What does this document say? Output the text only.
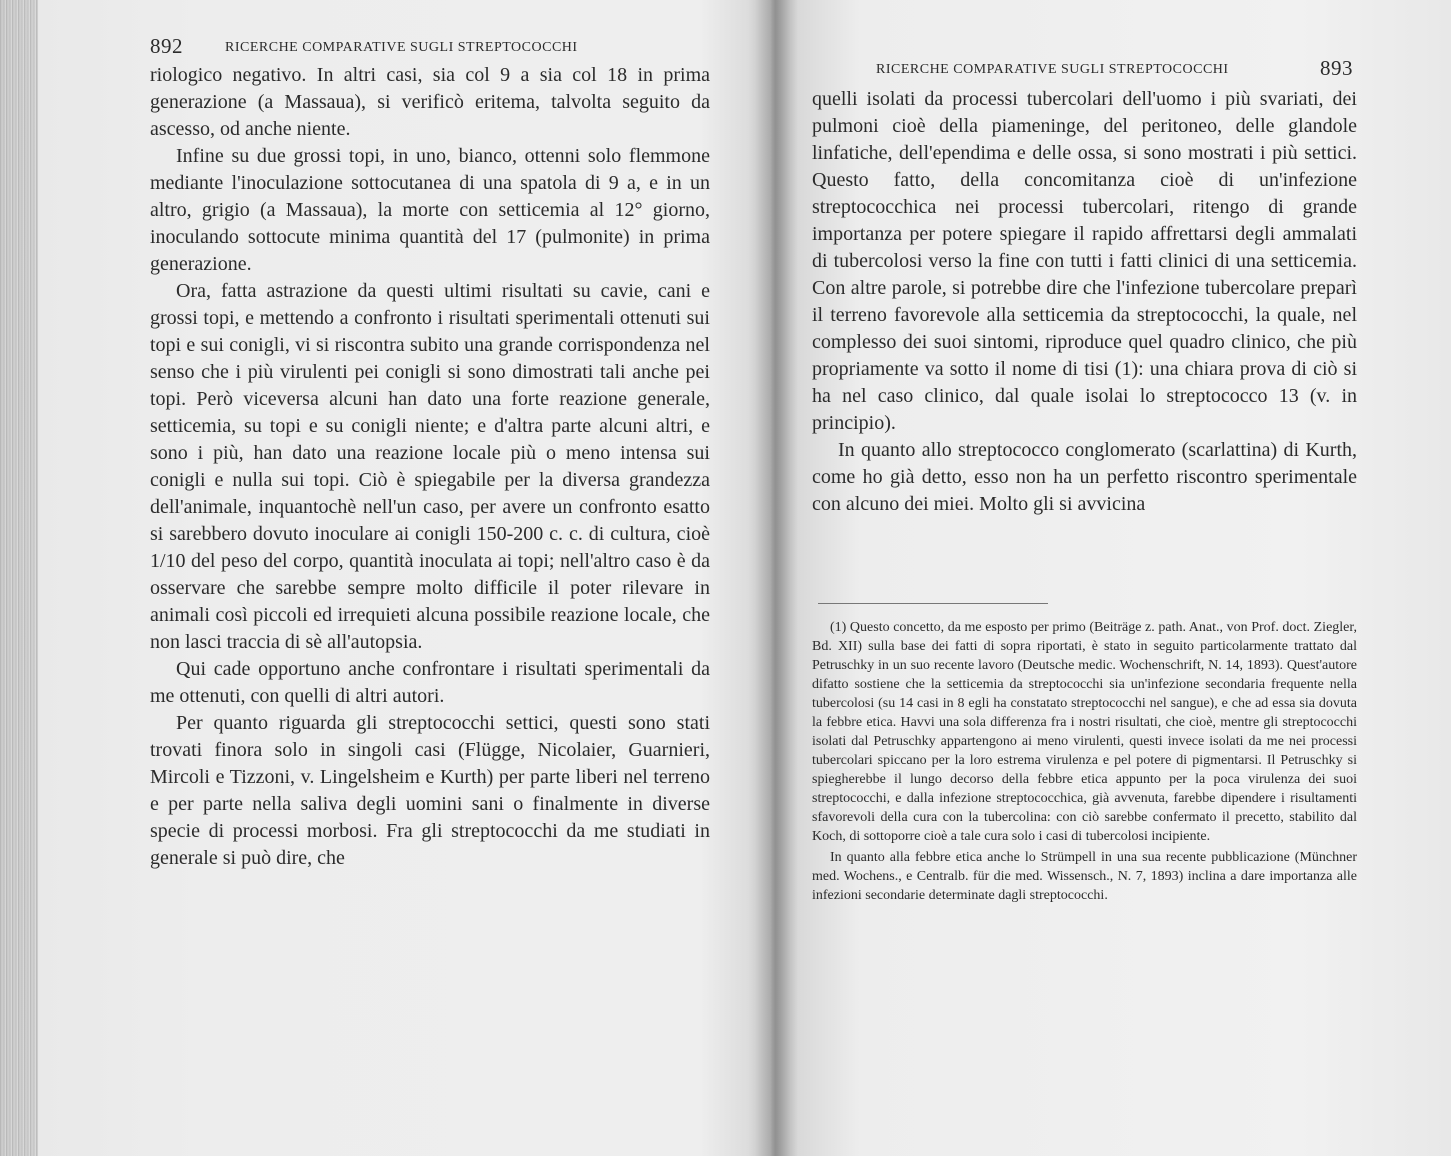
892	RICERCHE COMPARATIVE SUGLI STREPTOCOCCHI

riologico negativo. In altri casi, sia col 9 a sia col 18 in prima generazione (a Massaua), si verificò eritema, talvolta seguito da ascesso, od anche niente.

Infine su due grossi topi, in uno, bianco, ottenni solo flemmone mediante l'inoculazione sottocutanea di una spatola di 9 a, e in un altro, grigio (a Massaua), la morte con setticemia al 12° giorno, inoculando sottocute minima quantità del 17 (pulmonite) in prima generazione.

Ora, fatta astrazione da questi ultimi risultati su cavie, cani e grossi topi, e mettendo a confronto i risultati sperimentali ottenuti sui topi e sui conigli, vi si riscontra subito una grande corrispondenza nel senso che i più virulenti pei conigli si sono dimostrati tali anche pei topi. Però viceversa alcuni han dato una forte reazione generale, setticemia, su topi e su conigli niente; e d'altra parte alcuni altri, e sono i più, han dato una reazione locale più o meno intensa sui conigli e nulla sui topi. Ciò è spiegabile per la diversa grandezza dell'animale, inquantochè nell'un caso, per avere un confronto esatto si sarebbero dovuto inoculare ai conigli 150-200 c. c. di cultura, cioè 1/10 del peso del corpo, quantità inoculata ai topi; nell'altro caso è da osservare che sarebbe sempre molto difficile il poter rilevare in animali così piccoli ed irrequieti alcuna possibile reazione locale, che non lasci traccia di sè all'autopsia.

Qui cade opportuno anche confrontare i risultati sperimentali da me ottenuti, con quelli di altri autori.

Per quanto riguarda gli streptococchi settici, questi sono stati trovati finora solo in singoli casi (Flügge, Nicolaier, Guarnieri, Mircoli e Tizzoni, v. Lingelsheim e Kurth) per parte liberi nel terreno e per parte nella saliva degli uomini sani o finalmente in diverse specie di processi morbosi. Fra gli streptococchi da me studiati in generale si può dire, che

RICERCHE COMPARATIVE SUGLI STREPTOCOCCHI	893

quelli isolati da processi tubercolari dell'uomo i più svariati, dei pulmoni cioè della piameninge, del peritoneo, delle glandole linfatiche, dell'ependima e delle ossa, si sono mostrati i più settici. Questo fatto, della concomitanza cioè di un'infezione streptococchica nei processi tubercolari, ritengo di grande importanza per potere spiegare il rapido affrettarsi degli ammalati di tubercolosi verso la fine con tutti i fatti clinici di una setticemia. Con altre parole, si potrebbe dire che l'infezione tubercolare preparì il terreno favorevole alla setticemia da streptococchi, la quale, nel complesso dei suoi sintomi, riproduce quel quadro clinico, che più propriamente va sotto il nome di tisi (1): una chiara prova di ciò si ha nel caso clinico, dal quale isolai lo streptococco 13 (v. in principio).

In quanto allo streptococco conglomerato (scarlattina) di Kurth, come ho già detto, esso non ha un perfetto riscontro sperimentale con alcuno dei miei. Molto gli si avvicina

(1) Questo concetto, da me esposto per primo (Beiträge z. path. Anat., von Prof. doct. Ziegler, Bd. XII) sulla base dei fatti di sopra riportati, è stato in seguito particolarmente trattato dal Petruschky in un suo recente lavoro (Deutsche medic. Wochenschrift, N. 14, 1893). Quest'autore difatto sostiene che la setticemia da streptococchi sia un'infezione secondaria frequente nella tubercolosi (su 14 casi in 8 egli ha constatato streptococchi nel sangue), e che ad essa sia dovuta la febbre etica. Havvi una sola differenza fra i nostri risultati, che cioè, mentre gli streptococchi isolati dal Petruschky appartengono ai meno virulenti, questi invece isolati da me nei processi tubercolari spiccano per la loro estrema virulenza e pel potere di pigmentarsi. Il Petruschky si spiegherebbe il lungo decorso della febbre etica appunto per la poca virulenza dei suoi streptococchi, e dalla infezione streptococchica, già avvenuta, farebbe dipendere i risultamenti sfavorevoli della cura con la tubercolina: con ciò sarebbe confermato il precetto, stabilito dal Koch, di sottoporre cioè a tale cura solo i casi di tubercolosi incipiente.

In quanto alla febbre etica anche lo Strümpell in una sua recente pubblicazione (Münchner med. Wochens., e Centralb. für die med. Wissensch., N. 7, 1893) inclina a dare importanza alle infezioni secondarie determinate dagli streptococchi.
